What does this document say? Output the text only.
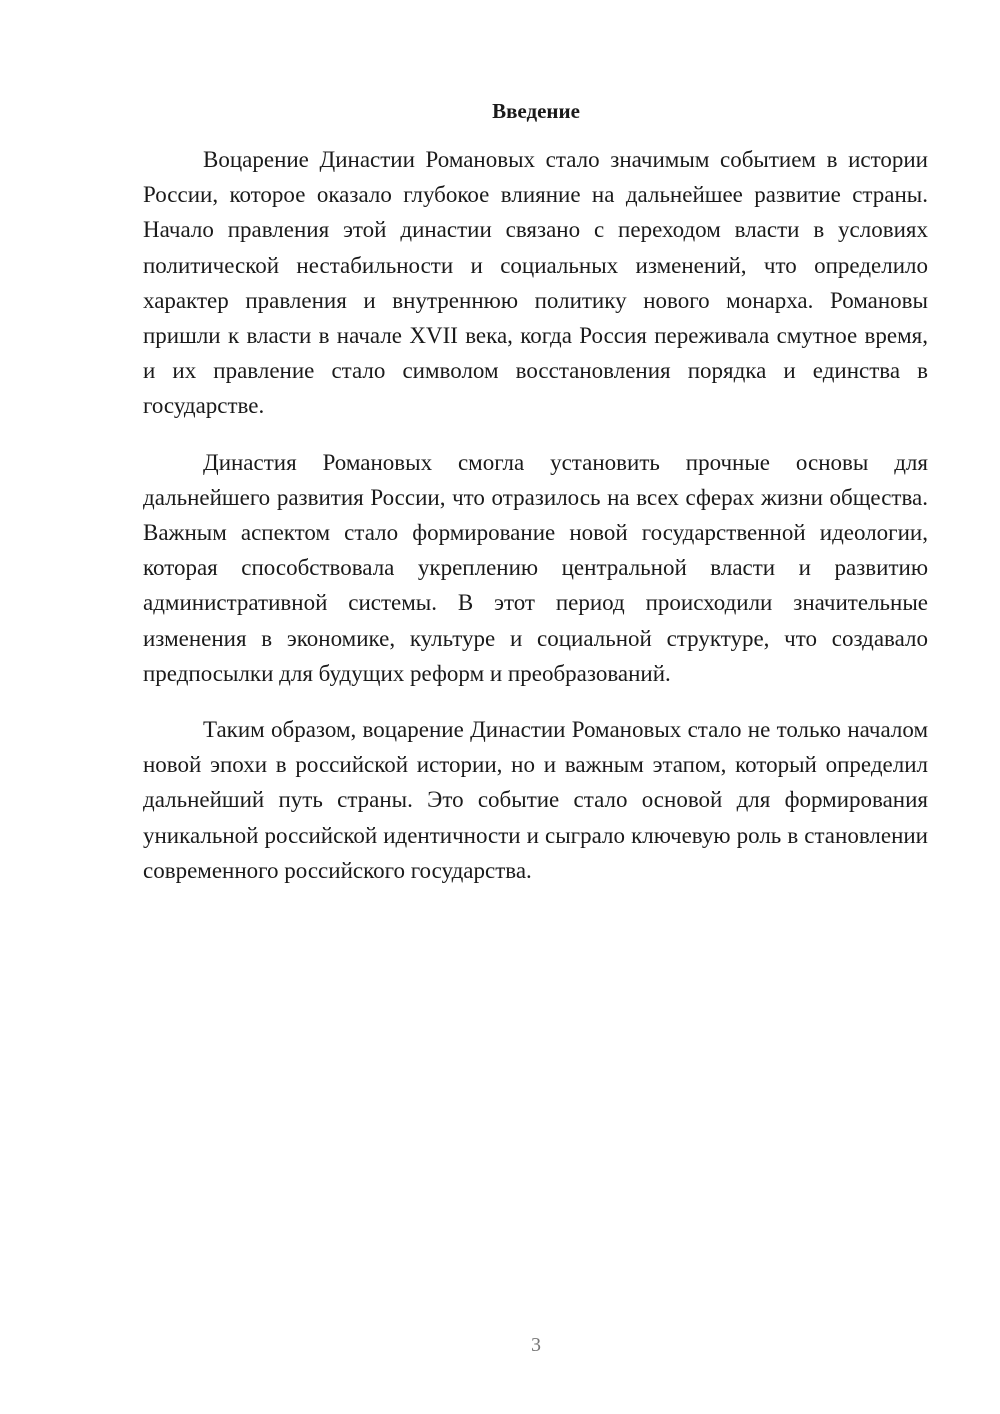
Введение

Воцарение Династии Романовых стало значимым событием в истории России, которое оказало глубокое влияние на дальнейшее развитие страны. Начало правления этой династии связано с переходом власти в условиях политической нестабильности и социальных изменений, что определило характер правления и внутреннюю политику нового монарха. Романовы пришли к власти в начале XVII века, когда Россия переживала смутное время, и их правление стало символом восстановления порядка и единства в государстве.

Династия Романовых смогла установить прочные основы для дальнейшего развития России, что отразилось на всех сферах жизни общества. Важным аспектом стало формирование новой государственной идеологии, которая способствовала укреплению центральной власти и развитию административной системы. В этот период происходили значительные изменения в экономике, культуре и социальной структуре, что создавало предпосылки для будущих реформ и преобразований.

Таким образом, воцарение Династии Романовых стало не только началом новой эпохи в российской истории, но и важным этапом, который определил дальнейший путь страны. Это событие стало основой для формирования уникальной российской идентичности и сыграло ключевую роль в становлении современного российского государства.

3
